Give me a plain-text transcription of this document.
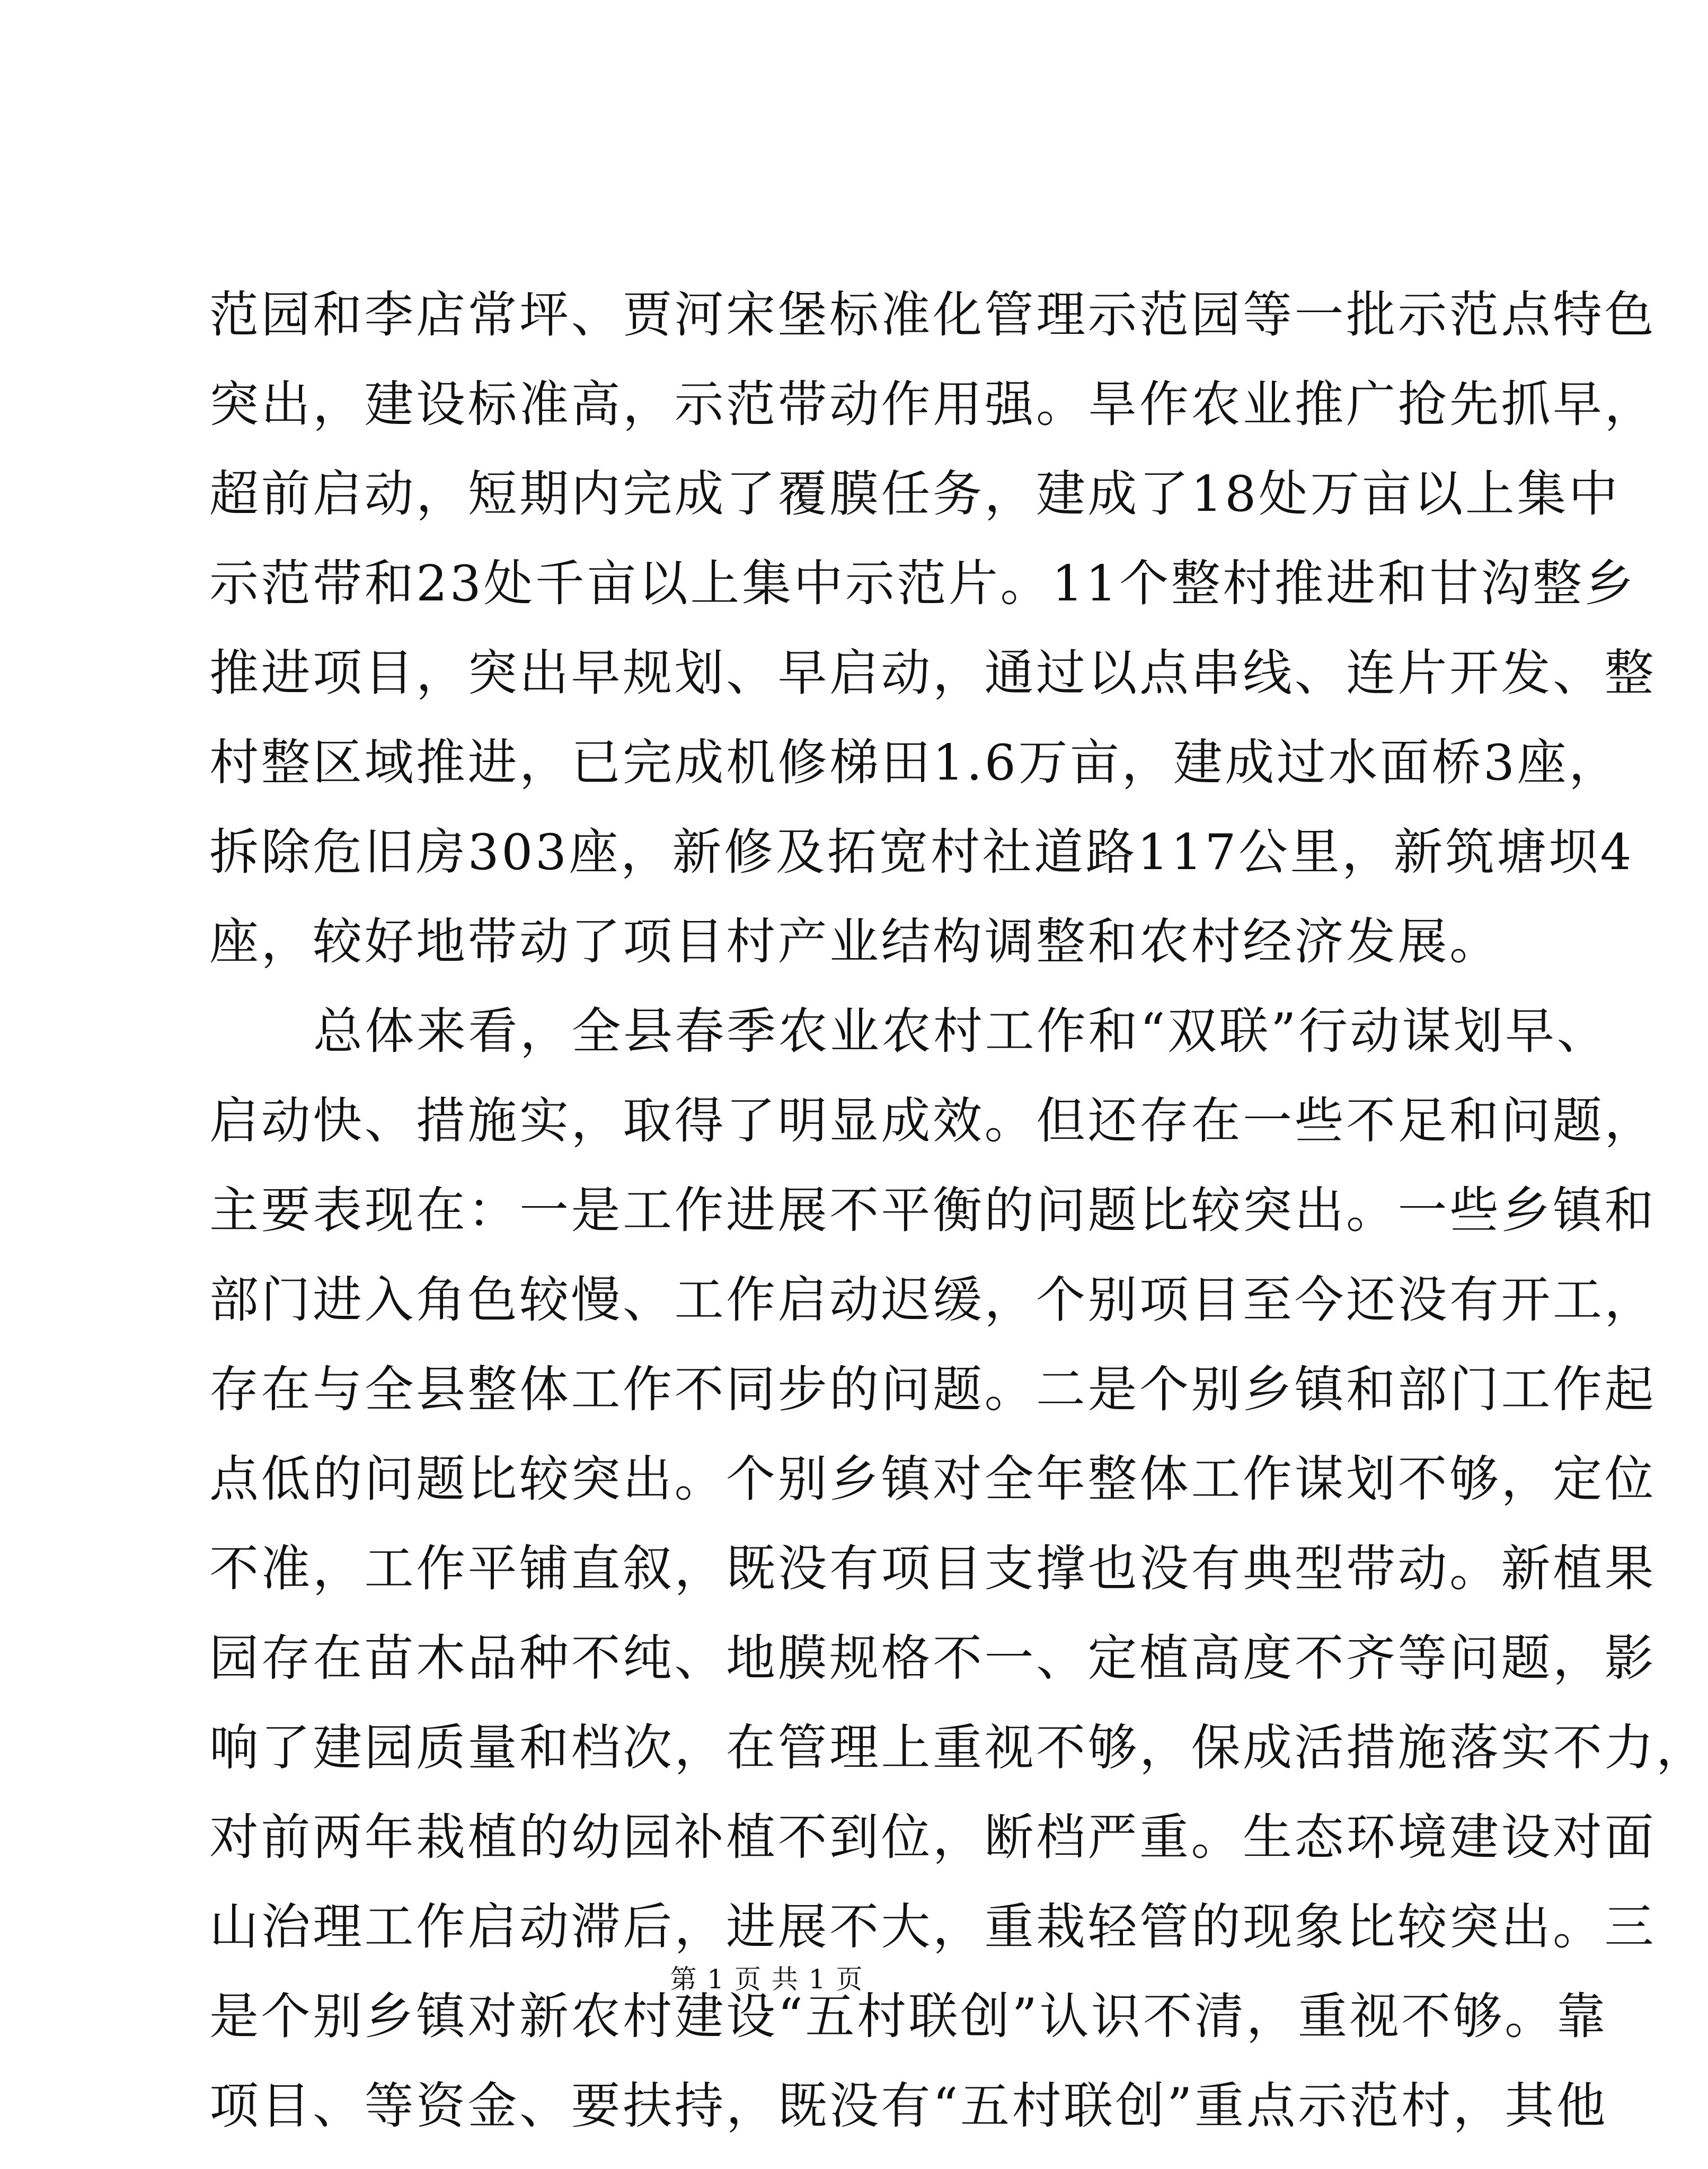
范园和李店常坪、贾河宋堡标准化管理示范园等一批示范点特色
突出，建设标准高，示范带动作用强。旱作农业推广抢先抓早，
超前启动，短期内完成了覆膜任务，建成了18处万亩以上集中
示范带和23处千亩以上集中示范片。11个整村推进和甘沟整乡
推进项目，突出早规划、早启动，通过以点串线、连片开发、整
村整区域推进，已完成机修梯田1.6万亩，建成过水面桥3座，
拆除危旧房303座，新修及拓宽村社道路117公里，新筑塘坝4
座，较好地带动了项目村产业结构调整和农村经济发展。
总体来看，全县春季农业农村工作和“双联”行动谋划早、
启动快、措施实，取得了明显成效。但还存在一些不足和问题，
主要表现在：一是工作进展不平衡的问题比较突出。一些乡镇和
部门进入角色较慢、工作启动迟缓，个别项目至今还没有开工，
存在与全县整体工作不同步的问题。二是个别乡镇和部门工作起
点低的问题比较突出。个别乡镇对全年整体工作谋划不够，定位
不准，工作平铺直叙，既没有项目支撑也没有典型带动。新植果
园存在苗木品种不纯、地膜规格不一、定植高度不齐等问题，影
响了建园质量和档次，在管理上重视不够，保成活措施落实不力，
对前两年栽植的幼园补植不到位，断档严重。生态环境建设对面
山治理工作启动滞后，进展不大，重栽轻管的现象比较突出。三
是个别乡镇对新农村建设“五村联创”认识不清，重视不够。靠
项目、等资金、要扶持，既没有“五村联创”重点示范村，其他
第 1 页 共 1 页
